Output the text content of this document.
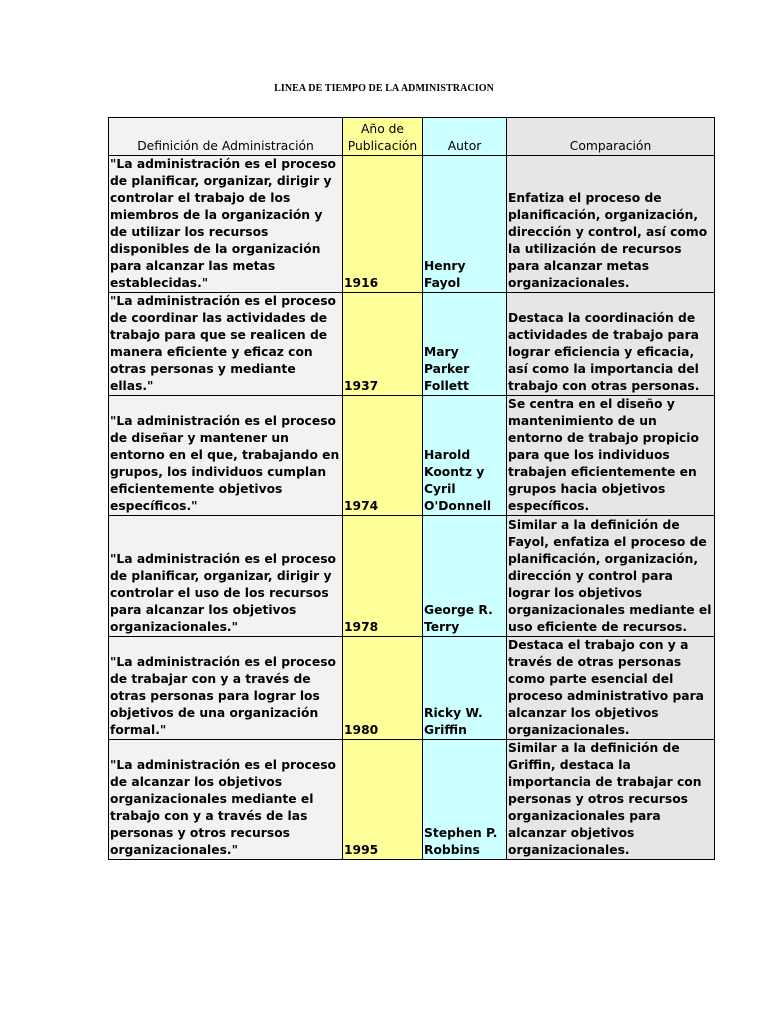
LINEA DE TIEMPO DE LA ADMINISTRACION
Definición de Administración	Año de Publicación	Autor	Comparación
"La administración es el proceso de planificar, organizar, dirigir y controlar el trabajo de los miembros de la organización y de utilizar los recursos disponibles de la organización para alcanzar las metas establecidas."	1916	Henry Fayol	Enfatiza el proceso de planificación, organización, dirección y control, así como la utilización de recursos para alcanzar metas organizacionales.
"La administración es el proceso de coordinar las actividades de trabajo para que se realicen de manera eficiente y eficaz con otras personas y mediante ellas."	1937	Mary Parker Follett	Destaca la coordinación de actividades de trabajo para lograr eficiencia y eficacia, así como la importancia del trabajo con otras personas.
"La administración es el proceso de diseñar y mantener un entorno en el que, trabajando en grupos, los individuos cumplan eficientemente objetivos específicos."	1974	Harold Koontz y Cyril O'Donnell	Se centra en el diseño y mantenimiento de un entorno de trabajo propicio para que los individuos trabajen eficientemente en grupos hacia objetivos específicos.
"La administración es el proceso de planificar, organizar, dirigir y controlar el uso de los recursos para alcanzar los objetivos organizacionales."	1978	George R. Terry	Similar a la definición de Fayol, enfatiza el proceso de planificación, organización, dirección y control para lograr los objetivos organizacionales mediante el uso eficiente de recursos.
"La administración es el proceso de trabajar con y a través de otras personas para lograr los objetivos de una organización formal."	1980	Ricky W. Griffin	Destaca el trabajo con y a través de otras personas como parte esencial del proceso administrativo para alcanzar los objetivos organizacionales.
"La administración es el proceso de alcanzar los objetivos organizacionales mediante el trabajo con y a través de las personas y otros recursos organizacionales."	1995	Stephen P. Robbins	Similar a la definición de Griffin, destaca la importancia de trabajar con personas y otros recursos organizacionales para alcanzar objetivos organizacionales.
